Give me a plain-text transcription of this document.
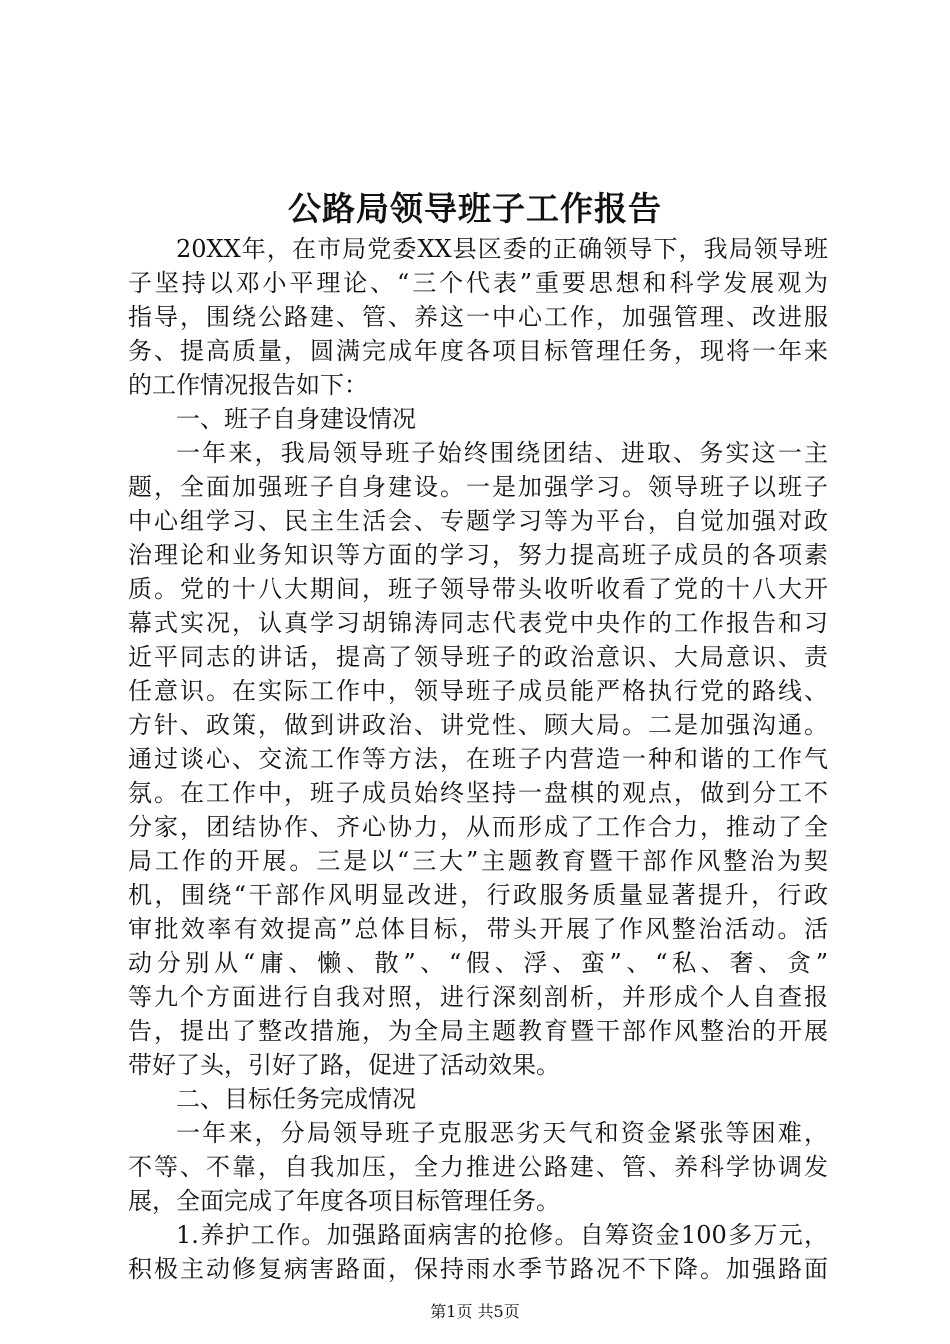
公路局领导班子工作报告
20XX年，在市局党委XX县区委的正确领导下，我局领导班
子坚持以邓小平理论、“三个代表”重要思想和科学发展观为
指导，围绕公路建、管、养这一中心工作，加强管理、改进服
务、提高质量，圆满完成年度各项目标管理任务，现将一年来
的工作情况报告如下：
一、班子自身建设情况
一年来，我局领导班子始终围绕团结、进取、务实这一主
题，全面加强班子自身建设。一是加强学习。领导班子以班子
中心组学习、民主生活会、专题学习等为平台，自觉加强对政
治理论和业务知识等方面的学习，努力提高班子成员的各项素
质。党的十八大期间，班子领导带头收听收看了党的十八大开
幕式实况，认真学习胡锦涛同志代表党中央作的工作报告和习
近平同志的讲话，提高了领导班子的政治意识、大局意识、责
任意识。在实际工作中，领导班子成员能严格执行党的路线、
方针、政策，做到讲政治、讲党性、顾大局。二是加强沟通。
通过谈心、交流工作等方法，在班子内营造一种和谐的工作气
氛。在工作中，班子成员始终坚持一盘棋的观点，做到分工不
分家，团结协作、齐心协力，从而形成了工作合力，推动了全
局工作的开展。三是以“三大”主题教育暨干部作风整治为契
机，围绕“干部作风明显改进，行政服务质量显著提升，行政
审批效率有效提高”总体目标，带头开展了作风整治活动。活
动分别从“庸、懒、散”、“假、浮、蛮”、“私、奢、贪”
等九个方面进行自我对照，进行深刻剖析，并形成个人自查报
告，提出了整改措施，为全局主题教育暨干部作风整治的开展
带好了头，引好了路，促进了活动效果。
二、目标任务完成情况
一年来，分局领导班子克服恶劣天气和资金紧张等困难，
不等、不靠，自我加压，全力推进公路建、管、养科学协调发
展，全面完成了年度各项目标管理任务。
1.养护工作。加强路面病害的抢修。自筹资金100多万元，
积极主动修复病害路面，保持雨水季节路况不下降。加强路面
第1页 共5页
